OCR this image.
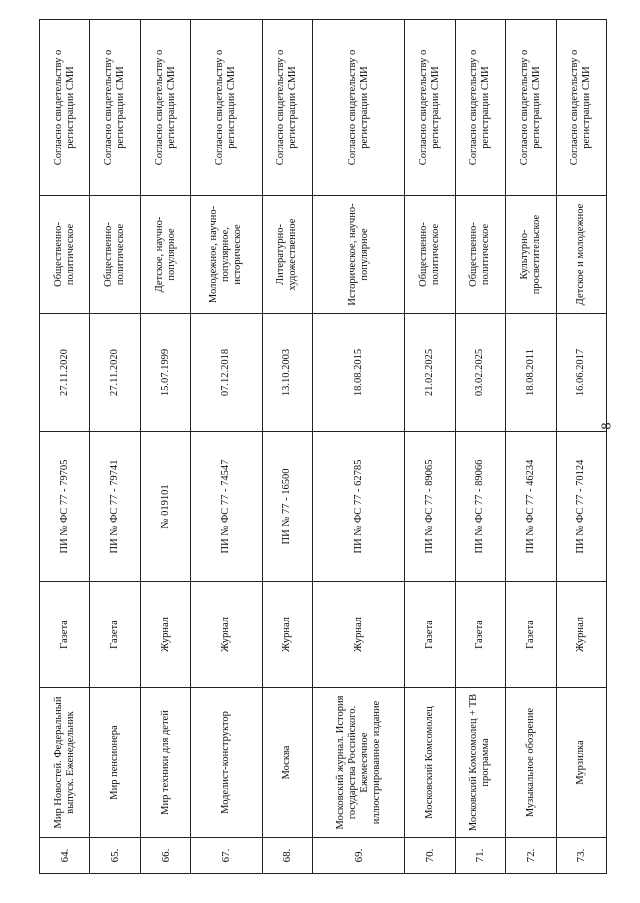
8
64.	Мир Новостей. Федеральный выпуск. Еженедельник	Газета	ПИ № ФС 77 - 79705	27.11.2020	Общественно-политическое	Согласно свидетельству о регистрации СМИ
65.	Мир пенсионера	Газета	ПИ № ФС 77 - 79741	27.11.2020	Общественно-политическое	Согласно свидетельству о регистрации СМИ
66.	Мир техники для детей	Журнал	№ 019101	15.07.1999	Детское, научно-популярное	Согласно свидетельству о регистрации СМИ
67.	Моделист-конструктор	Журнал	ПИ № ФС 77 - 74547	07.12.2018	Молодежное, научно-популярное, историческое	Согласно свидетельству о регистрации СМИ
68.	Москва	Журнал	ПИ № 77 - 16500	13.10.2003	Литературно-художественное	Согласно свидетельству о регистрации СМИ
69.	Московский журнал. История государства Российского. Ежемесячное иллюстрированное издание	Журнал	ПИ № ФС 77 - 62785	18.08.2015	Историческое, научно-популярное	Согласно свидетельству о регистрации СМИ
70.	Московский Комсомолец	Газета	ПИ № ФС 77 - 89065	21.02.2025	Общественно-политическое	Согласно свидетельству о регистрации СМИ
71.	Московский Комсомолец + ТВ программа	Газета	ПИ № ФС 77 - 89066	03.02.2025	Общественно-политическое	Согласно свидетельству о регистрации СМИ
72.	Музыкальное обозрение	Газета	ПИ № ФС 77 - 46234	18.08.2011	Культурно-просветительское	Согласно свидетельству о регистрации СМИ
73.	Мурзилка	Журнал	ПИ № ФС 77 - 70124	16.06.2017	Детское и молодежное	Согласно свидетельству о регистрации СМИ
